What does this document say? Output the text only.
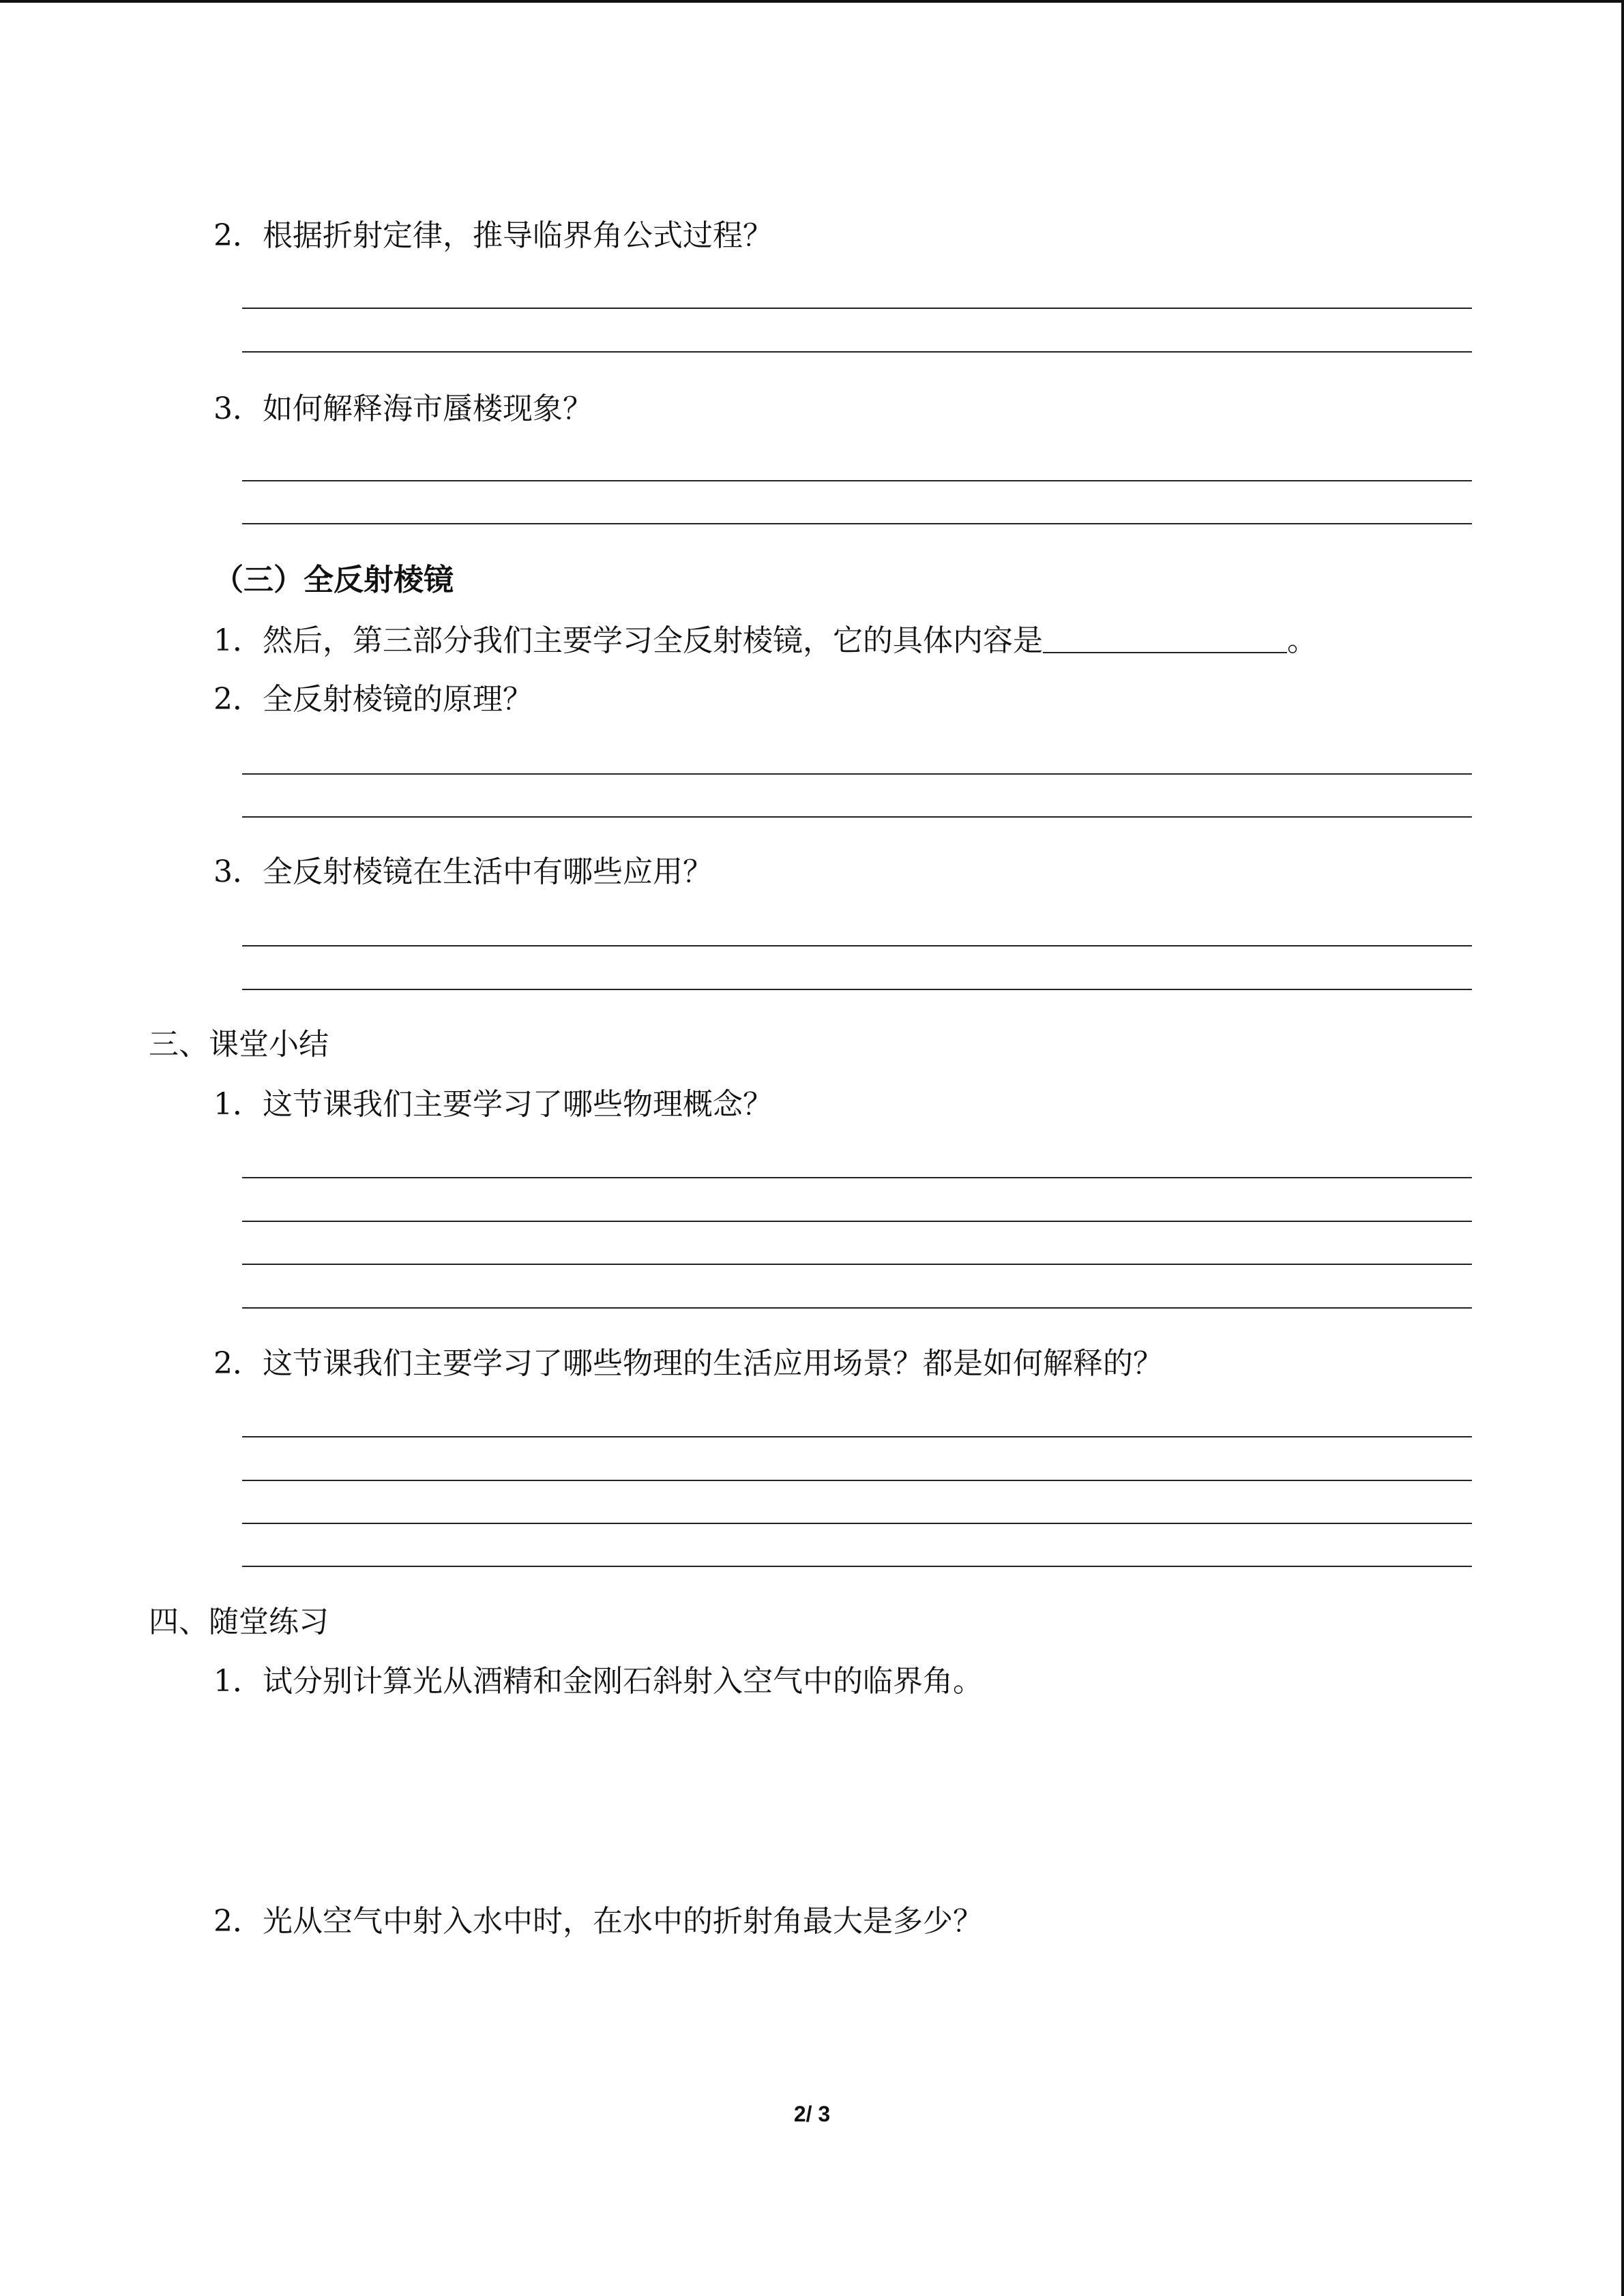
2．根据折射定律，推导临界角公式过程？
3．如何解释海市蜃楼现象？
（三）全反射棱镜
1．然后，第三部分我们主要学习全反射棱镜，它的具体内容是	。
2．全反射棱镜的原理？
3．全反射棱镜在生活中有哪些应用？
三、课堂小结
1．这节课我们主要学习了哪些物理概念？
2．这节课我们主要学习了哪些物理的生活应用场景？都是如何解释的？
四、随堂练习
1．试分别计算光从酒精和金刚石斜射入空气中的临界角。
2．光从空气中射入水中时，在水中的折射角最大是多少？
2/ 3
